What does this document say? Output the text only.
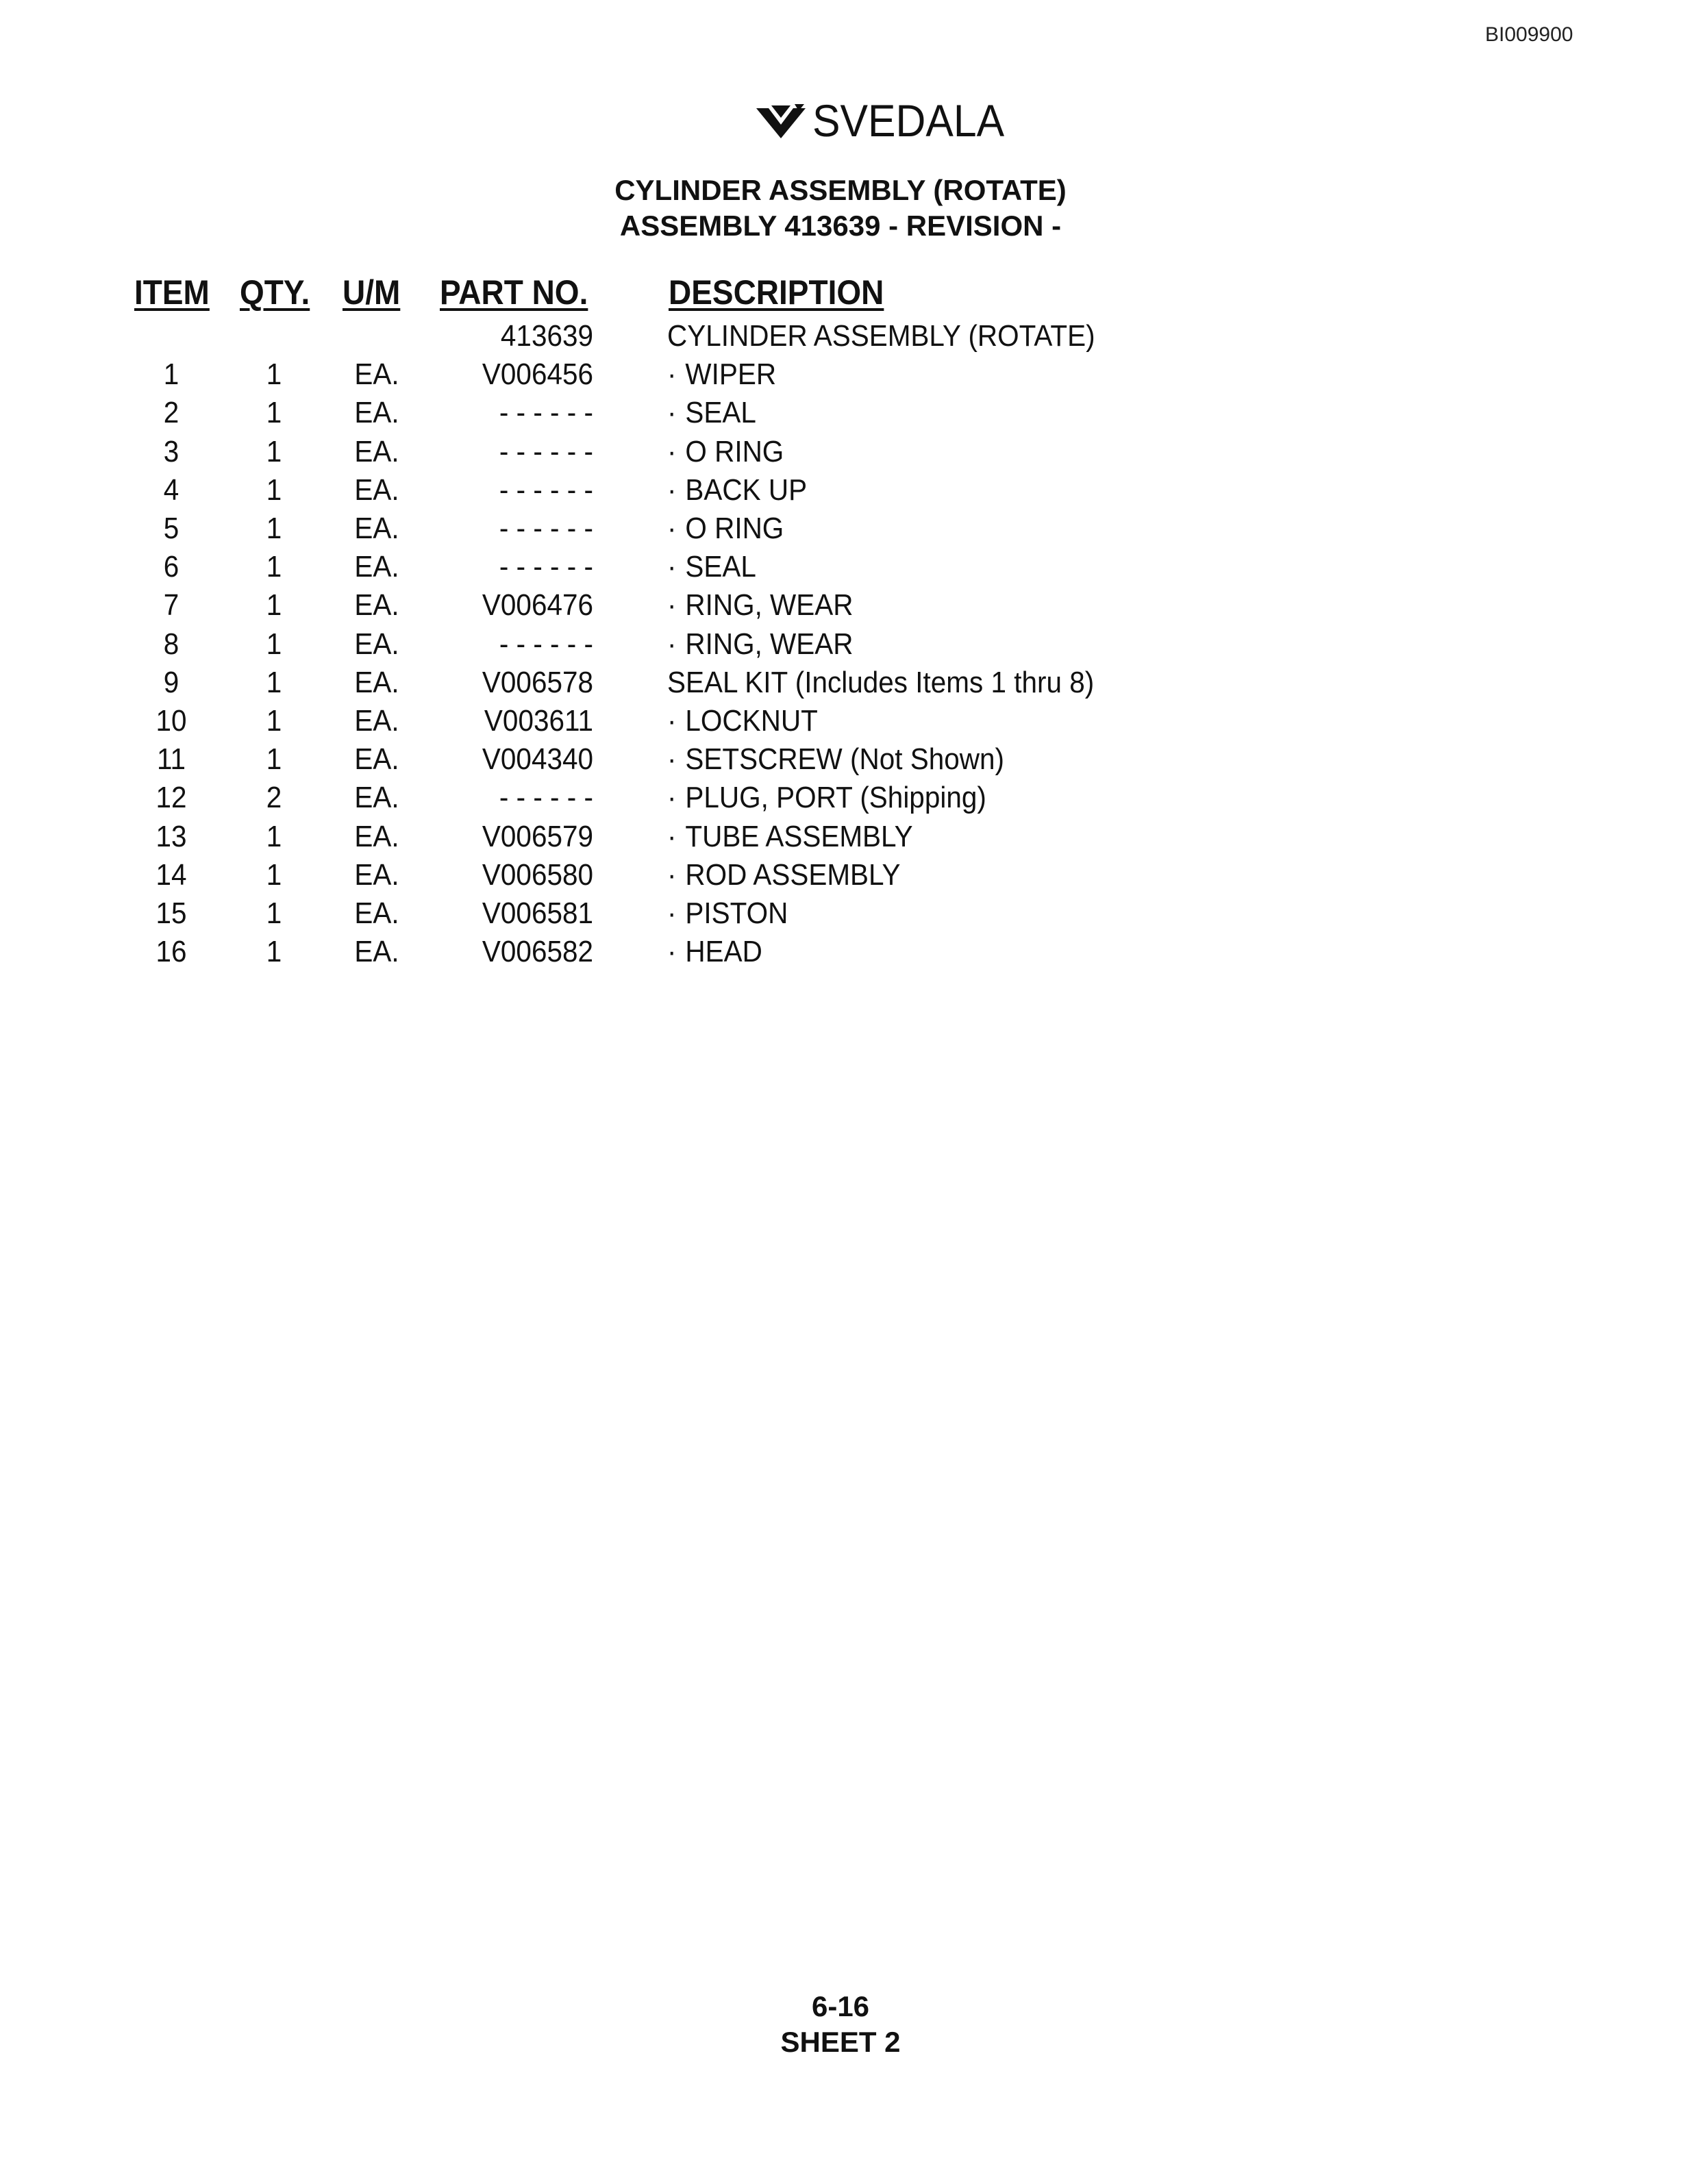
BI009900
SVEDALA
CYLINDER ASSEMBLY (ROTATE)
ASSEMBLY 413639 - REVISION -
ITEM QTY. U/M PART NO. DESCRIPTION
413639 CYLINDER ASSEMBLY (ROTATE)
1	1	EA.	V006456 · WIPER
2	1	EA.	- - - - - - · SEAL
3	1	EA.	- - - - - - · O RING
4	1	EA.	- - - - - - · BACK UP
5	1	EA.	- - - - - - · O RING
6	1	EA.	- - - - - - · SEAL
7	1	EA.	V006476 · RING, WEAR
8	1	EA.	- - - - - - · RING, WEAR
9	1	EA.	V006578 SEAL KIT (Includes Items 1 thru 8)
10	1	EA.	V003611 · LOCKNUT
11	1	EA.	V004340 · SETSCREW (Not Shown)
12	2	EA.	- - - - - - · PLUG, PORT (Shipping)
13	1	EA.	V006579 · TUBE ASSEMBLY
14	1	EA.	V006580 · ROD ASSEMBLY
15	1	EA.	V006581 · PISTON
16	1	EA.	V006582 · HEAD
6-16
SHEET 2
